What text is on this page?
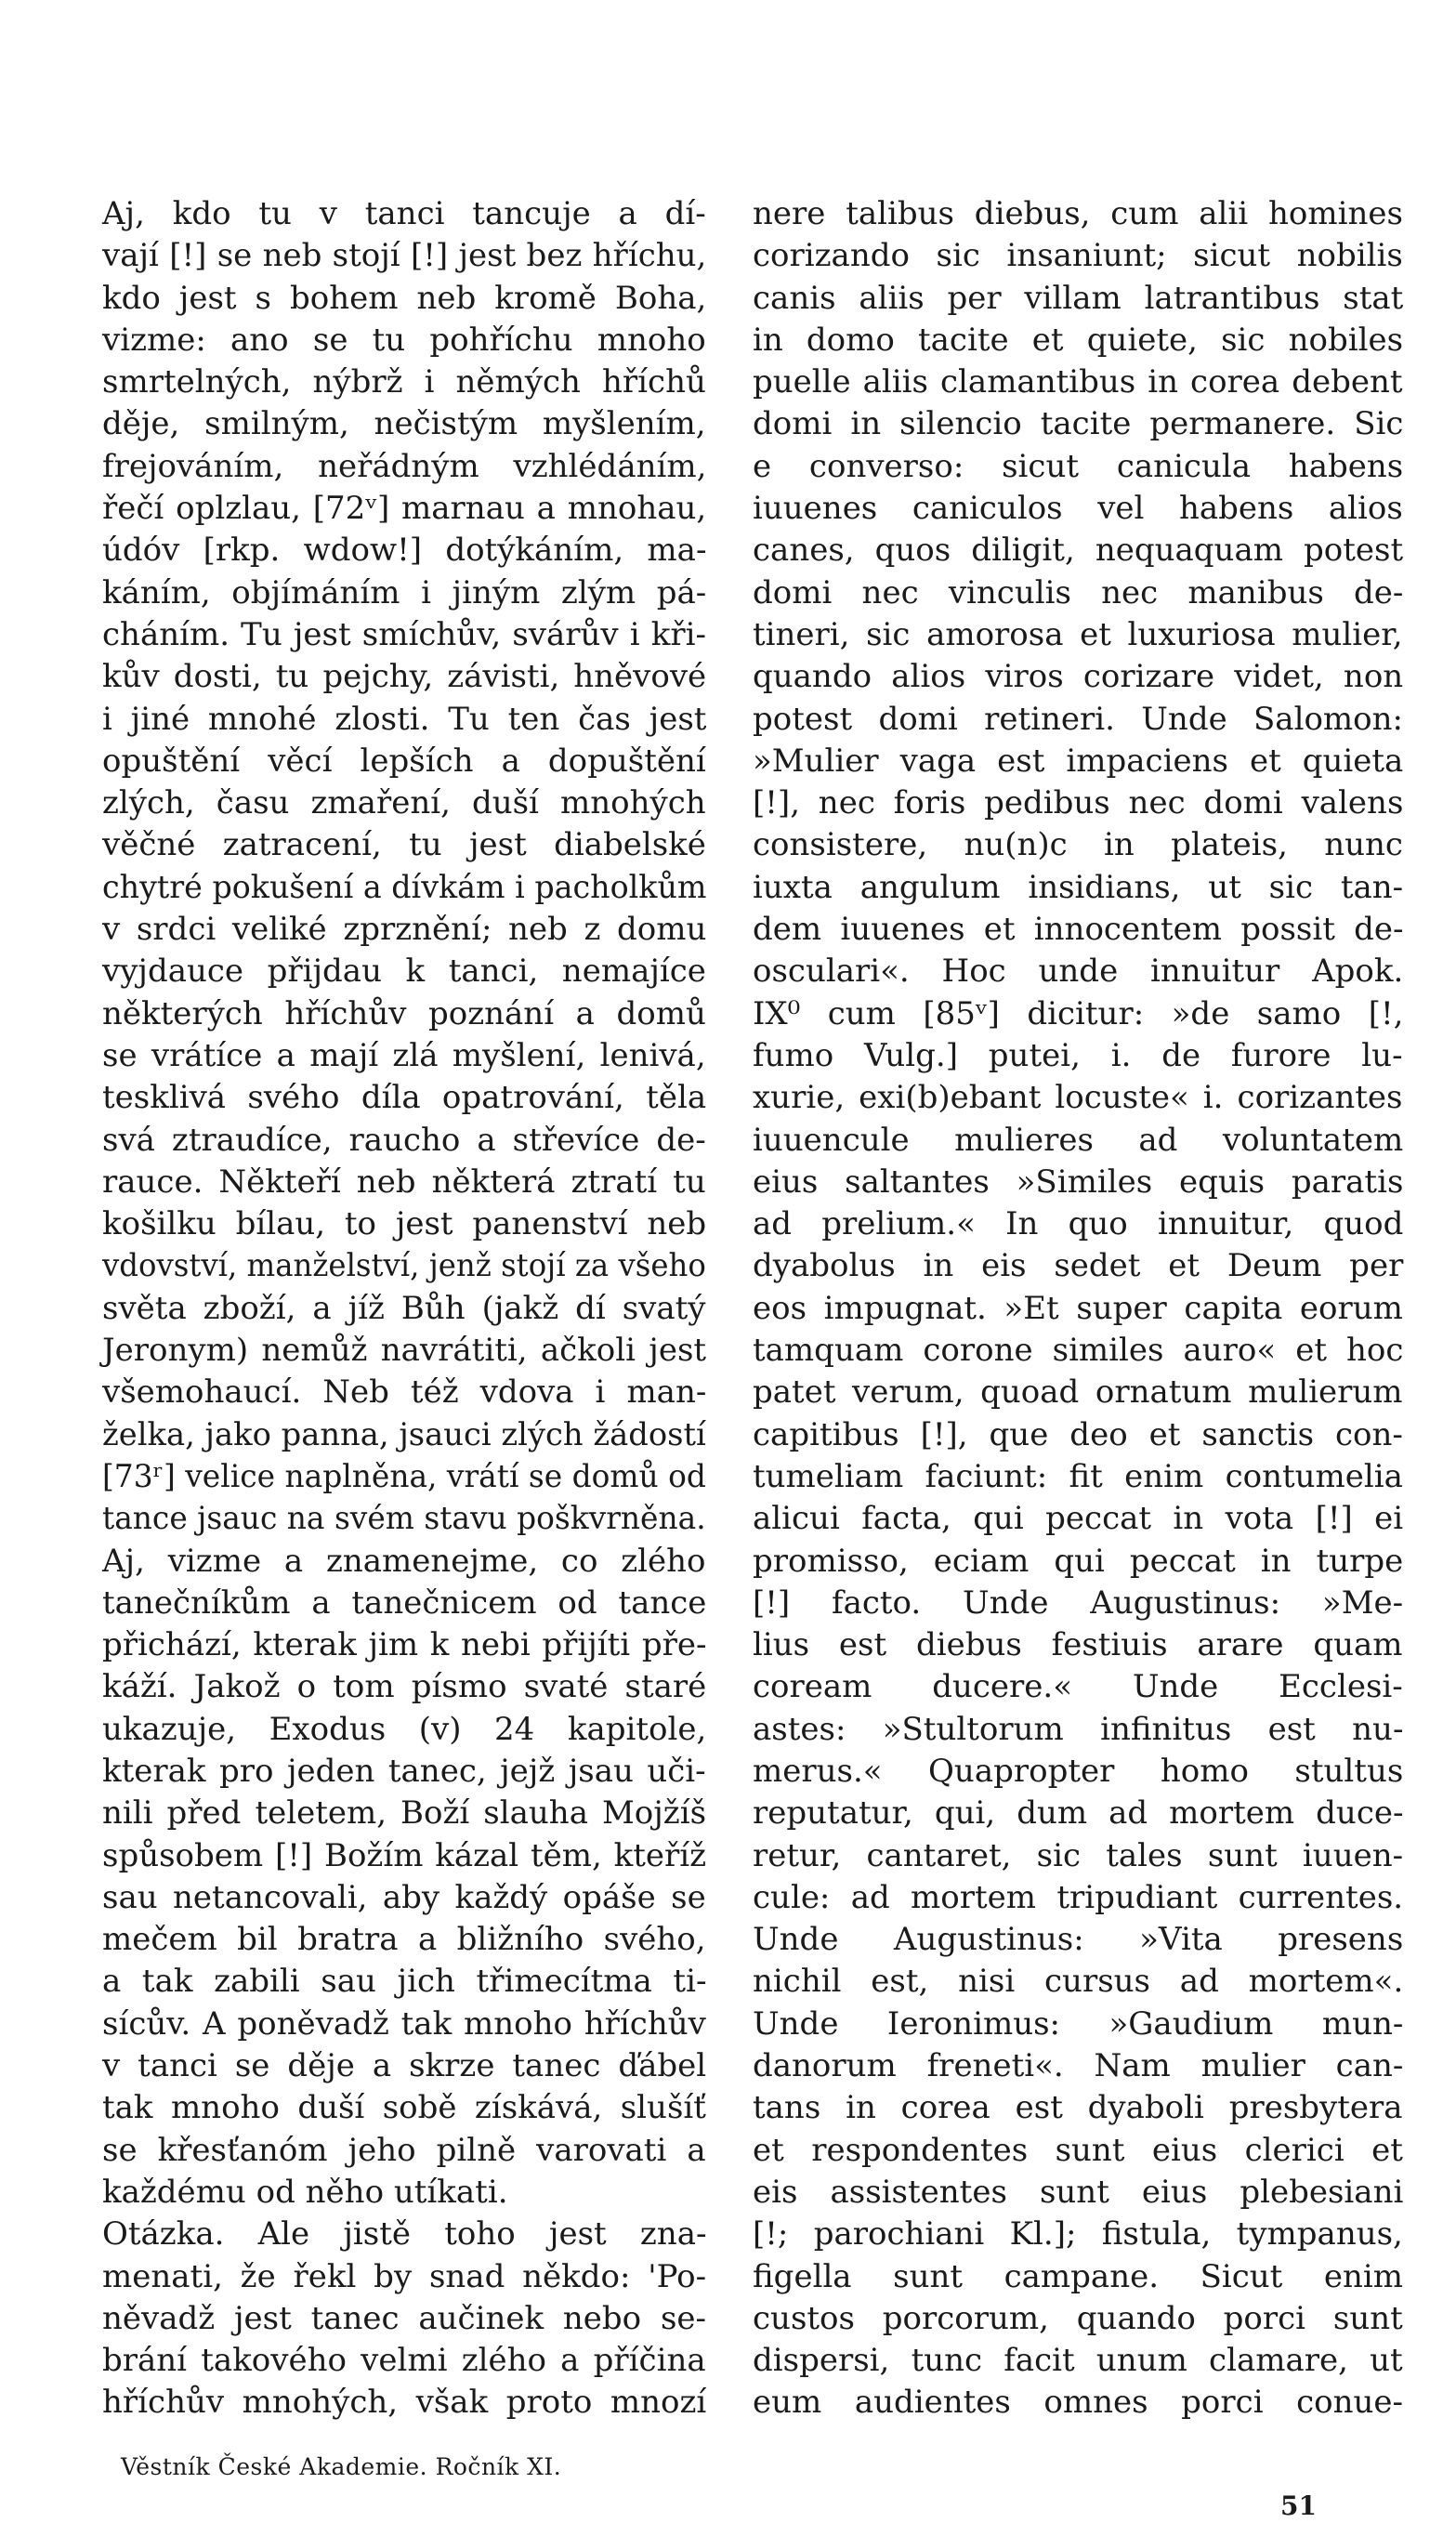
Aj, kdo tu v tanci tancuje a dí-
vají [!] se neb stojí [!] jest bez hříchu,
kdo jest s bohem neb kromě Boha,
vizme: ano se tu pohříchu mnoho
smrtelných, nýbrž i němých hříchů
děje, smilným, nečistým myšlením,
frejováním, neřádným vzhlédáním,
řečí oplzlau, [72ᵛ] marnau a mnohau,
údóv [rkp. wdow!] dotýkáním, ma-
káním, objímáním i jiným zlým pá-
cháním. Tu jest smíchův, svárův i kři-
kův dosti, tu pejchy, závisti, hněvové
i jiné mnohé zlosti. Tu ten čas jest
opuštění věcí lepších a dopuštění
zlých, času zmaření, duší mnohých
věčné zatracení, tu jest diabelské
chytré pokušení a dívkám i pacholkům
v srdci veliké zprznění; neb z domu
vyjdauce přijdau k tanci, nemajíce
některých hříchův poznání a domů
se vrátíce a mají zlá myšlení, lenivá,
tesklivá svého díla opatrování, těla
svá ztraudíce, raucho a střevíce de-
rauce. Někteří neb některá ztratí tu
košilku bílau, to jest panenství neb
vdovství, manželství, jenž stojí za všeho
světa zboží, a jíž Bůh (jakž dí svatý
Jeronym) nemůž navrátiti, ačkoli jest
všemohaucí. Neb též vdova i man-
želka, jako panna, jsauci zlých žádostí
[73ʳ] velice naplněna, vrátí se domů od
tance jsauc na svém stavu poškvrněna.
Aj, vizme a znamenejme, co zlého
tanečníkům a tanečnicem od tance
přichází, kterak jim k nebi přijíti pře-
káží. Jakož o tom písmo svaté staré
ukazuje, Exodus (v) 24 kapitole,
kterak pro jeden tanec, jejž jsau uči-
nili před teletem, Boží slauha Mojžíš
spůsobem [!] Božím kázal těm, kteříž
sau netancovali, aby každý opáše se
mečem bil bratra a bližního svého,
a tak zabili sau jich třimecítma ti-
sícův. A poněvadž tak mnoho hříchův
v tanci se děje a skrze tanec ďábel
tak mnoho duší sobě získává, slušíť
se křesťanóm jeho pilně varovati a
každému od něho utíkati.
Otázka. Ale jistě toho jest zna-
menati, že řekl by snad někdo: 'Po-
něvadž jest tanec aučinek nebo se-
brání takového velmi zlého a příčina
hříchův mnohých, však proto mnozí
nere talibus diebus, cum alii homines
corizando sic insaniunt; sicut nobilis
canis aliis per villam latrantibus stat
in domo tacite et quiete, sic nobiles
puelle aliis clamantibus in corea debent
domi in silencio tacite permanere. Sic
e converso: sicut canicula habens
iuuenes caniculos vel habens alios
canes, quos diligit, nequaquam potest
domi nec vinculis nec manibus de-
tineri, sic amorosa et luxuriosa mulier,
quando alios viros corizare videt, non
potest domi retineri. Unde Salomon:
»Mulier vaga est impaciens et quieta
[!], nec foris pedibus nec domi valens
consistere, nu(n)c in plateis, nunc
iuxta angulum insidians, ut sic tan-
dem iuuenes et innocentem possit de-
osculari«. Hoc unde innuitur Apok.
IX⁰ cum [85ᵛ] dicitur: »de samo [!,
fumo Vulg.] putei, i. de furore lu-
xurie, exi(b)ebant locuste« i. corizantes
iuuencule mulieres ad voluntatem
eius saltantes »Similes equis paratis
ad prelium.« In quo innuitur, quod
dyabolus in eis sedet et Deum per
eos impugnat. »Et super capita eorum
tamquam corone similes auro« et hoc
patet verum, quoad ornatum mulierum
capitibus [!], que deo et sanctis con-
tumeliam faciunt: fit enim contumelia
alicui facta, qui peccat in vota [!] ei
promisso, eciam qui peccat in turpe
[!] facto. Unde Augustinus: »Me-
lius est diebus festiuis arare quam
coream ducere.« Unde Ecclesi-
astes: »Stultorum infinitus est nu-
merus.« Quapropter homo stultus
reputatur, qui, dum ad mortem duce-
retur, cantaret, sic tales sunt iuuen-
cule: ad mortem tripudiant currentes.
Unde Augustinus: »Vita presens
nichil est, nisi cursus ad mortem«.
Unde Ieronimus: »Gaudium mun-
danorum freneti«. Nam mulier can-
tans in corea est dyaboli presbytera
et respondentes sunt eius clerici et
eis assistentes sunt eius plebesiani
[!; parochiani Kl.]; fistula, tympanus,
figella sunt campane. Sicut enim
custos porcorum, quando porci sunt
dispersi, tunc facit unum clamare, ut
eum audientes omnes porci conue-
Věstník České Akademie. Ročník XI.
51
